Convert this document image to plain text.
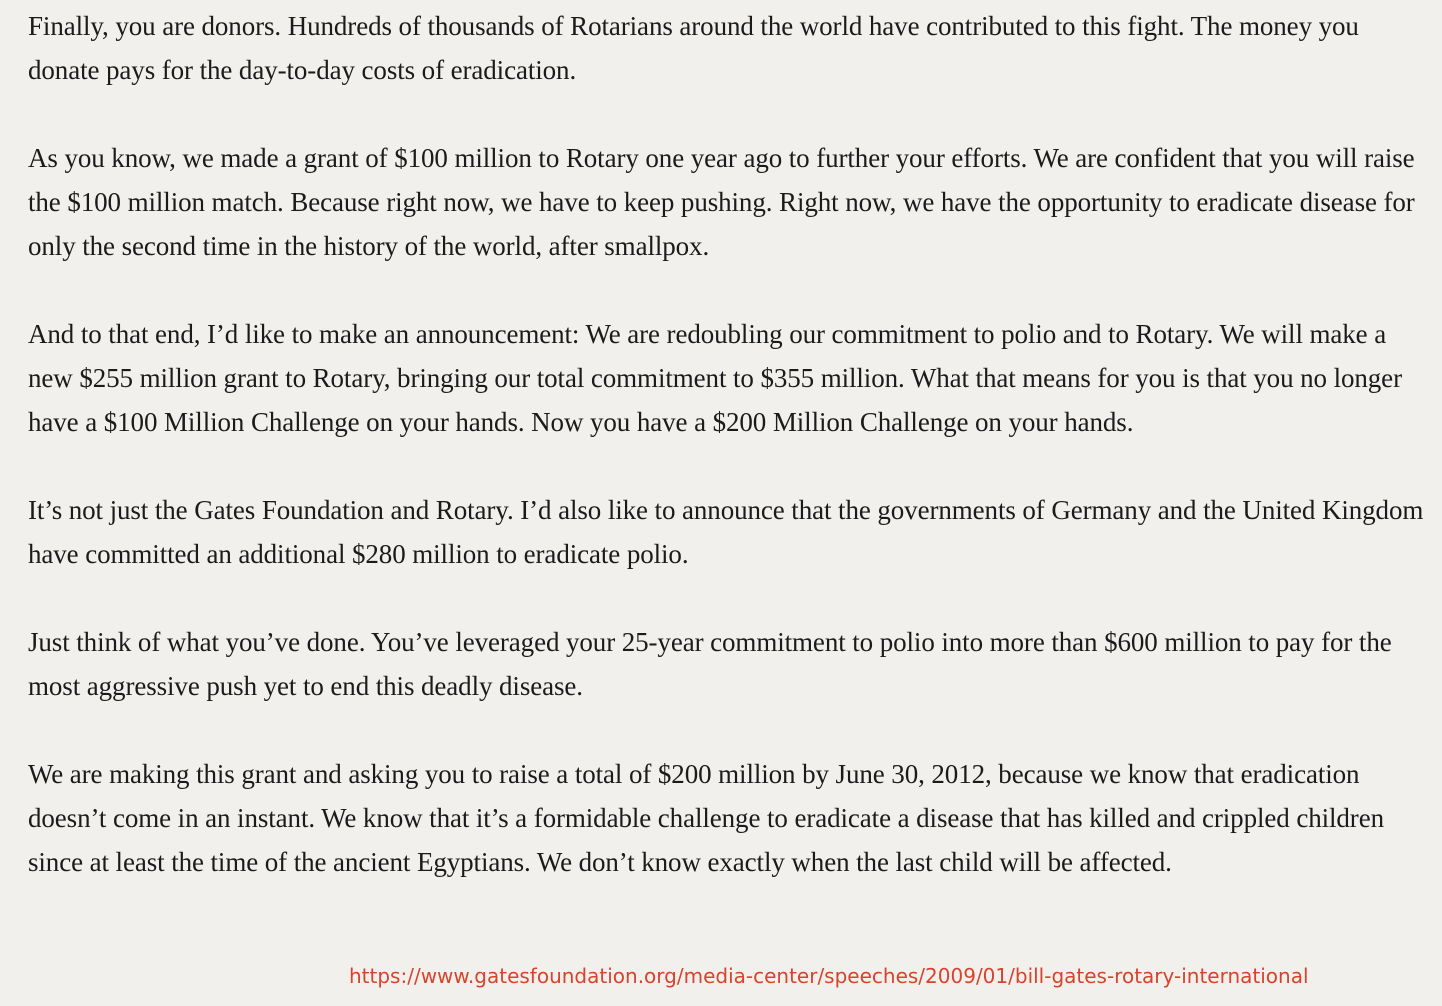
Finally, you are donors. Hundreds of thousands of Rotarians around the world have contributed to this fight. The money you donate pays for the day-to-day costs of eradication.

As you know, we made a grant of $100 million to Rotary one year ago to further your efforts. We are confident that you will raise the $100 million match. Because right now, we have to keep pushing. Right now, we have the opportunity to eradicate disease for only the second time in the history of the world, after smallpox.

And to that end, I’d like to make an announcement: We are redoubling our commitment to polio and to Rotary. We will make a new $255 million grant to Rotary, bringing our total commitment to $355 million. What that means for you is that you no longer have a $100 Million Challenge on your hands. Now you have a $200 Million Challenge on your hands.

It’s not just the Gates Foundation and Rotary. I’d also like to announce that the governments of Germany and the United Kingdom have committed an additional $280 million to eradicate polio.

Just think of what you’ve done. You’ve leveraged your 25-year commitment to polio into more than $600 million to pay for the most aggressive push yet to end this deadly disease.

We are making this grant and asking you to raise a total of $200 million by June 30, 2012, because we know that eradication doesn’t come in an instant. We know that it’s a formidable challenge to eradicate a disease that has killed and crippled children since at least the time of the ancient Egyptians. We don’t know exactly when the last child will be affected.

https://www.gatesfoundation.org/media-center/speeches/2009/01/bill-gates-rotary-international
